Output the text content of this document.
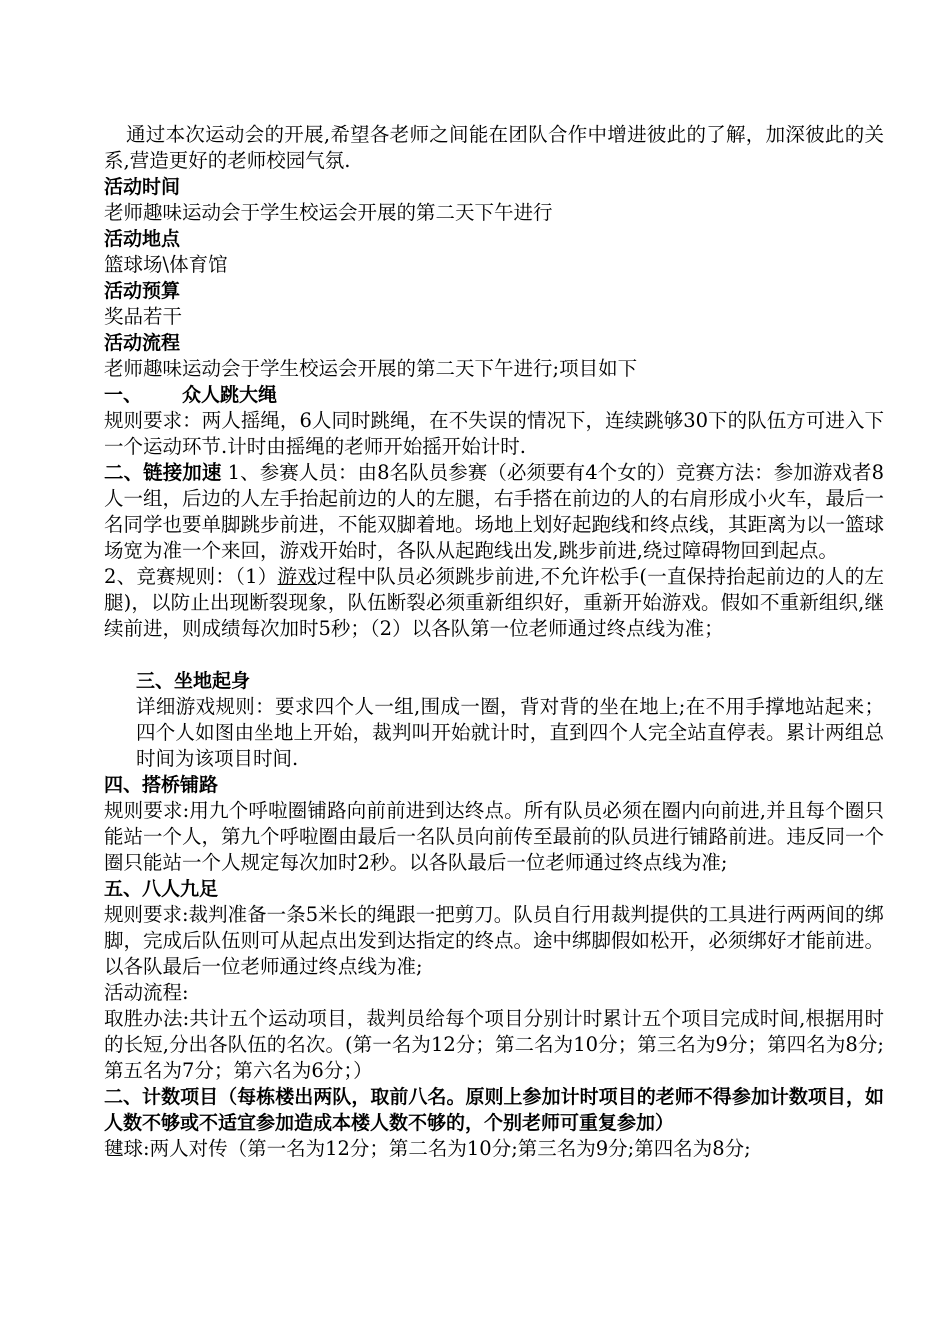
通过本次运动会的开展,希望各老师之间能在团队合作中增进彼此的了解，加深彼此的关系,营造更好的老师校园气氛.

活动时间

老师趣味运动会于学生校运会开展的第二天下午进行

活动地点

篮球场\体育馆

活动预算

奖品若干

活动流程

老师趣味运动会于学生校运会开展的第二天下午进行;项目如下

一、 众人跳大绳

规则要求：两人摇绳，6人同时跳绳，在不失误的情况下，连续跳够30下的队伍方可进入下一个运动环节.计时由摇绳的老师开始摇开始计时.

二、链接加速 1、参赛人员：由8名队员参赛（必须要有4个女的）竞赛方法：参加游戏者8人一组，后边的人左手抬起前边的人的左腿，右手搭在前边的人的右肩形成小火车，最后一名同学也要单脚跳步前进，不能双脚着地。场地上划好起跑线和终点线，其距离为以一篮球场宽为准一个来回，游戏开始时，各队从起跑线出发,跳步前进,绕过障碍物回到起点。

2、竞赛规则：（1）游戏过程中队员必须跳步前进,不允许松手(一直保持抬起前边的人的左腿)，以防止出现断裂现象，队伍断裂必须重新组织好，重新开始游戏。假如不重新组织,继续前进，则成绩每次加时5秒；（2）以各队第一位老师通过终点线为准；

三、坐地起身

详细游戏规则：要求四个人一组,围成一圈，背对背的坐在地上;在不用手撑地站起来；四个人如图由坐地上开始，裁判叫开始就计时，直到四个人完全站直停表。累计两组总时间为该项目时间.

四、搭桥铺路

规则要求:用九个呼啦圈铺路向前前进到达终点。所有队员必须在圈内向前进,并且每个圈只能站一个人，第九个呼啦圈由最后一名队员向前传至最前的队员进行铺路前进。违反同一个圈只能站一个人规定每次加时2秒。以各队最后一位老师通过终点线为准;

五、八人九足

规则要求:裁判准备一条5米长的绳跟一把剪刀。队员自行用裁判提供的工具进行两两间的绑脚，完成后队伍则可从起点出发到达指定的终点。途中绑脚假如松开，必须绑好才能前进。以各队最后一位老师通过终点线为准;

活动流程:

取胜办法:共计五个运动项目，裁判员给每个项目分别计时累计五个项目完成时间,根据用时的长短,分出各队伍的名次。(第一名为12分；第二名为10分；第三名为9分；第四名为8分;第五名为7分；第六名为6分；）

二、计数项目（每栋楼出两队，取前八名。原则上参加计时项目的老师不得参加计数项目，如人数不够或不适宜参加造成本楼人数不够的，个别老师可重复参加）

毽球:两人对传（第一名为12分；第二名为10分;第三名为9分;第四名为8分;
